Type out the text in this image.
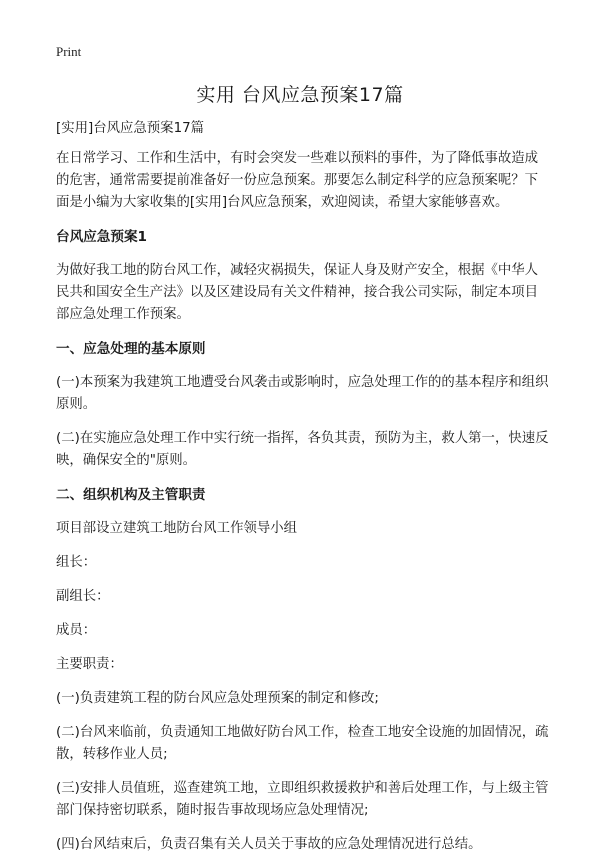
Print
实用 台风应急预案17篇

[实用]台风应急预案17篇

在日常学习、工作和生活中，有时会突发一些难以预料的事件，为了降低事故造成的危害，通常需要提前准备好一份应急预案。那要怎么制定科学的应急预案呢？下面是小编为大家收集的[实用]台风应急预案，欢迎阅读，希望大家能够喜欢。

台风应急预案1

为做好我工地的防台风工作，减轻灾祸损失，保证人身及财产安全，根据《中华人民共和国安全生产法》以及区建设局有关文件精神，接合我公司实际，制定本项目部应急处理工作预案。

一、应急处理的基本原则

(一)本预案为我建筑工地遭受台风袭击或影响时，应急处理工作的的基本程序和组织原则。

(二)在实施应急处理工作中实行统一指挥，各负其责，预防为主，救人第一，快速反映，确保安全的"原则。

二、组织机构及主管职责

项目部设立建筑工地防台风工作领导小组

组长：

副组长：

成员：

主要职责：

(一)负责建筑工程的防台风应急处理预案的制定和修改;

(二)台风来临前，负责通知工地做好防台风工作，检查工地安全设施的加固情况，疏散，转移作业人员;

(三)安排人员值班，巡查建筑工地，立即组织救援救护和善后处理工作，与上级主管部门保持密切联系，随时报告事故现场应急处理情况;

(四)台风结束后，负责召集有关人员关于事故的应急处理情况进行总结。
